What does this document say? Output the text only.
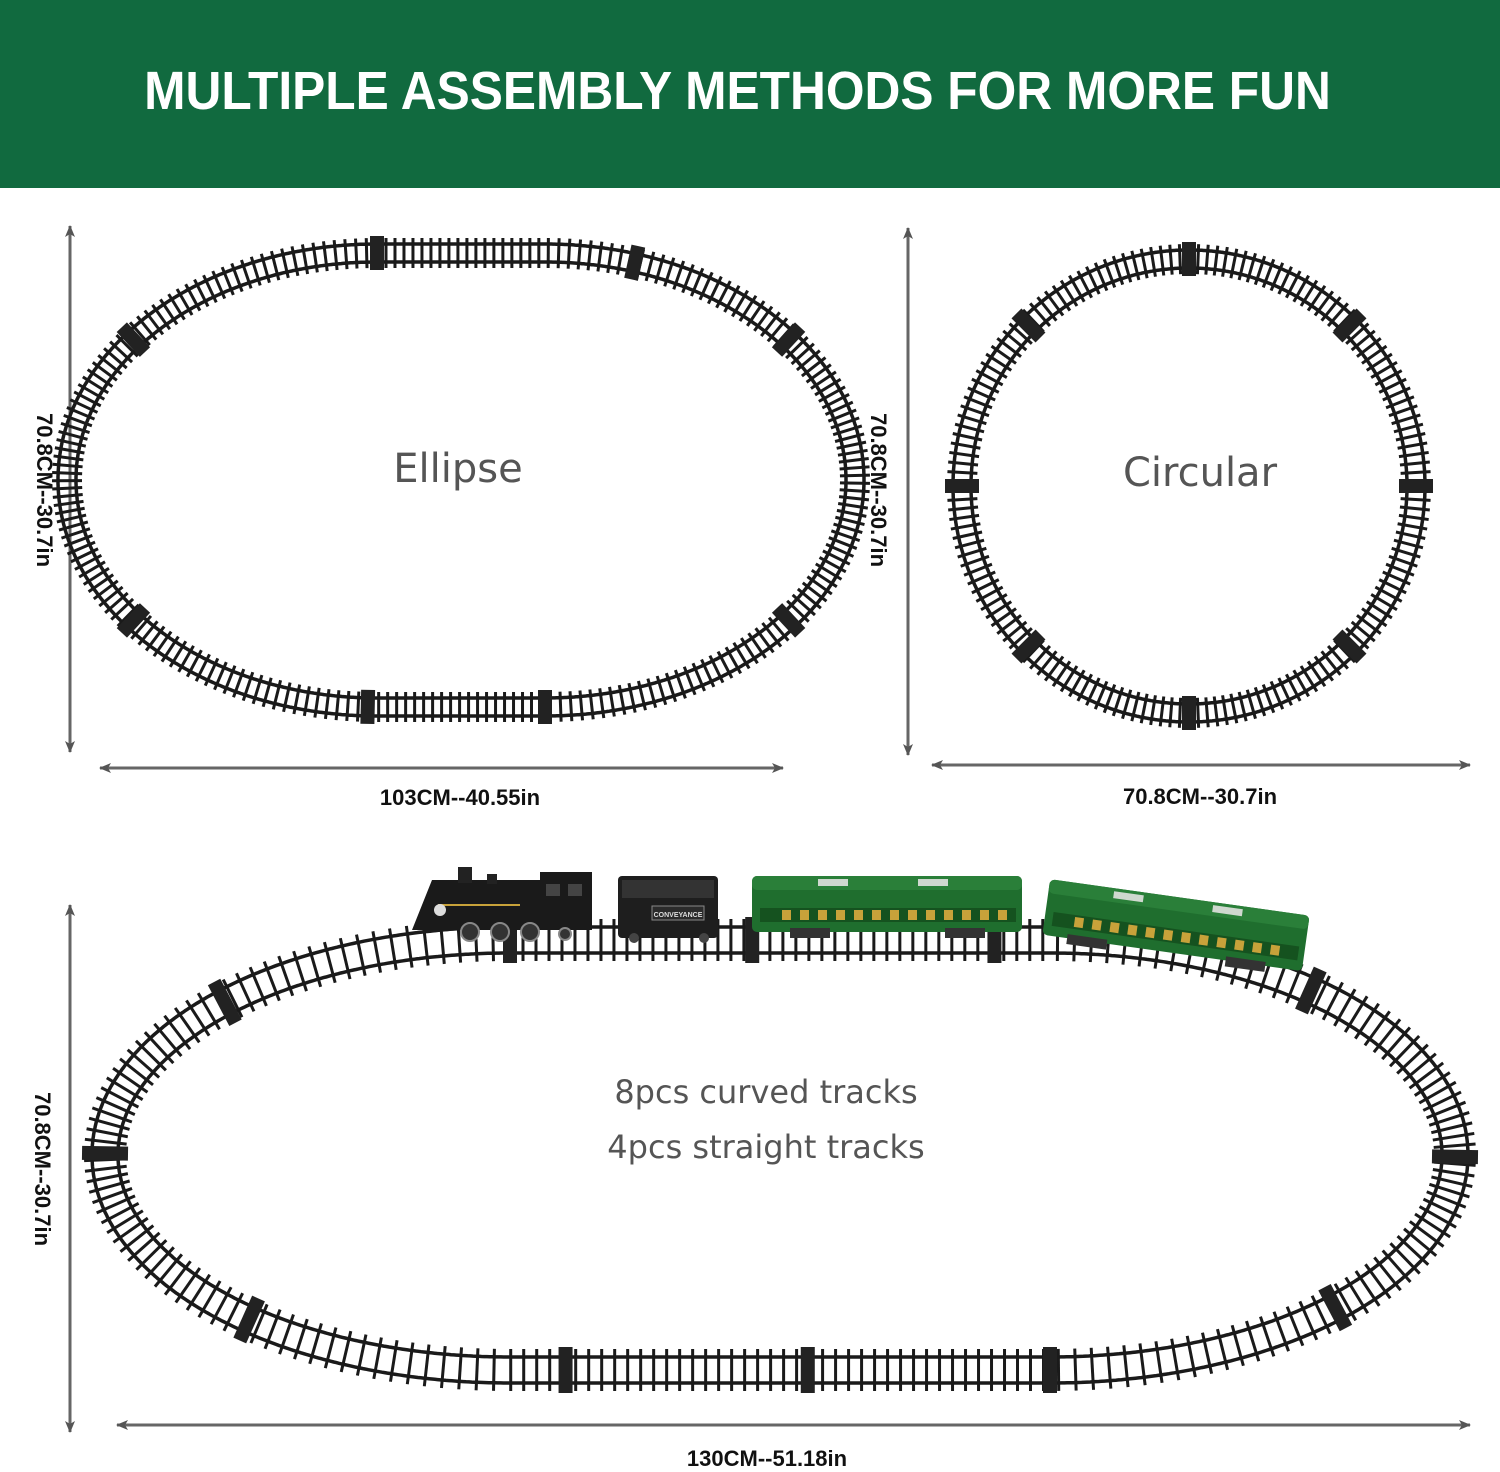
MULTIPLE ASSEMBLY METHODS FOR MORE FUN
CONVEYANCE
70.8CM--30.7in
103CM--40.55in
70.8CM--30.7in
70.8CM--30.7in
70.8CM--30.7in
130CM--51.18in
Ellipse	Circular
8pcs curved tracks
4pcs straight tracks
